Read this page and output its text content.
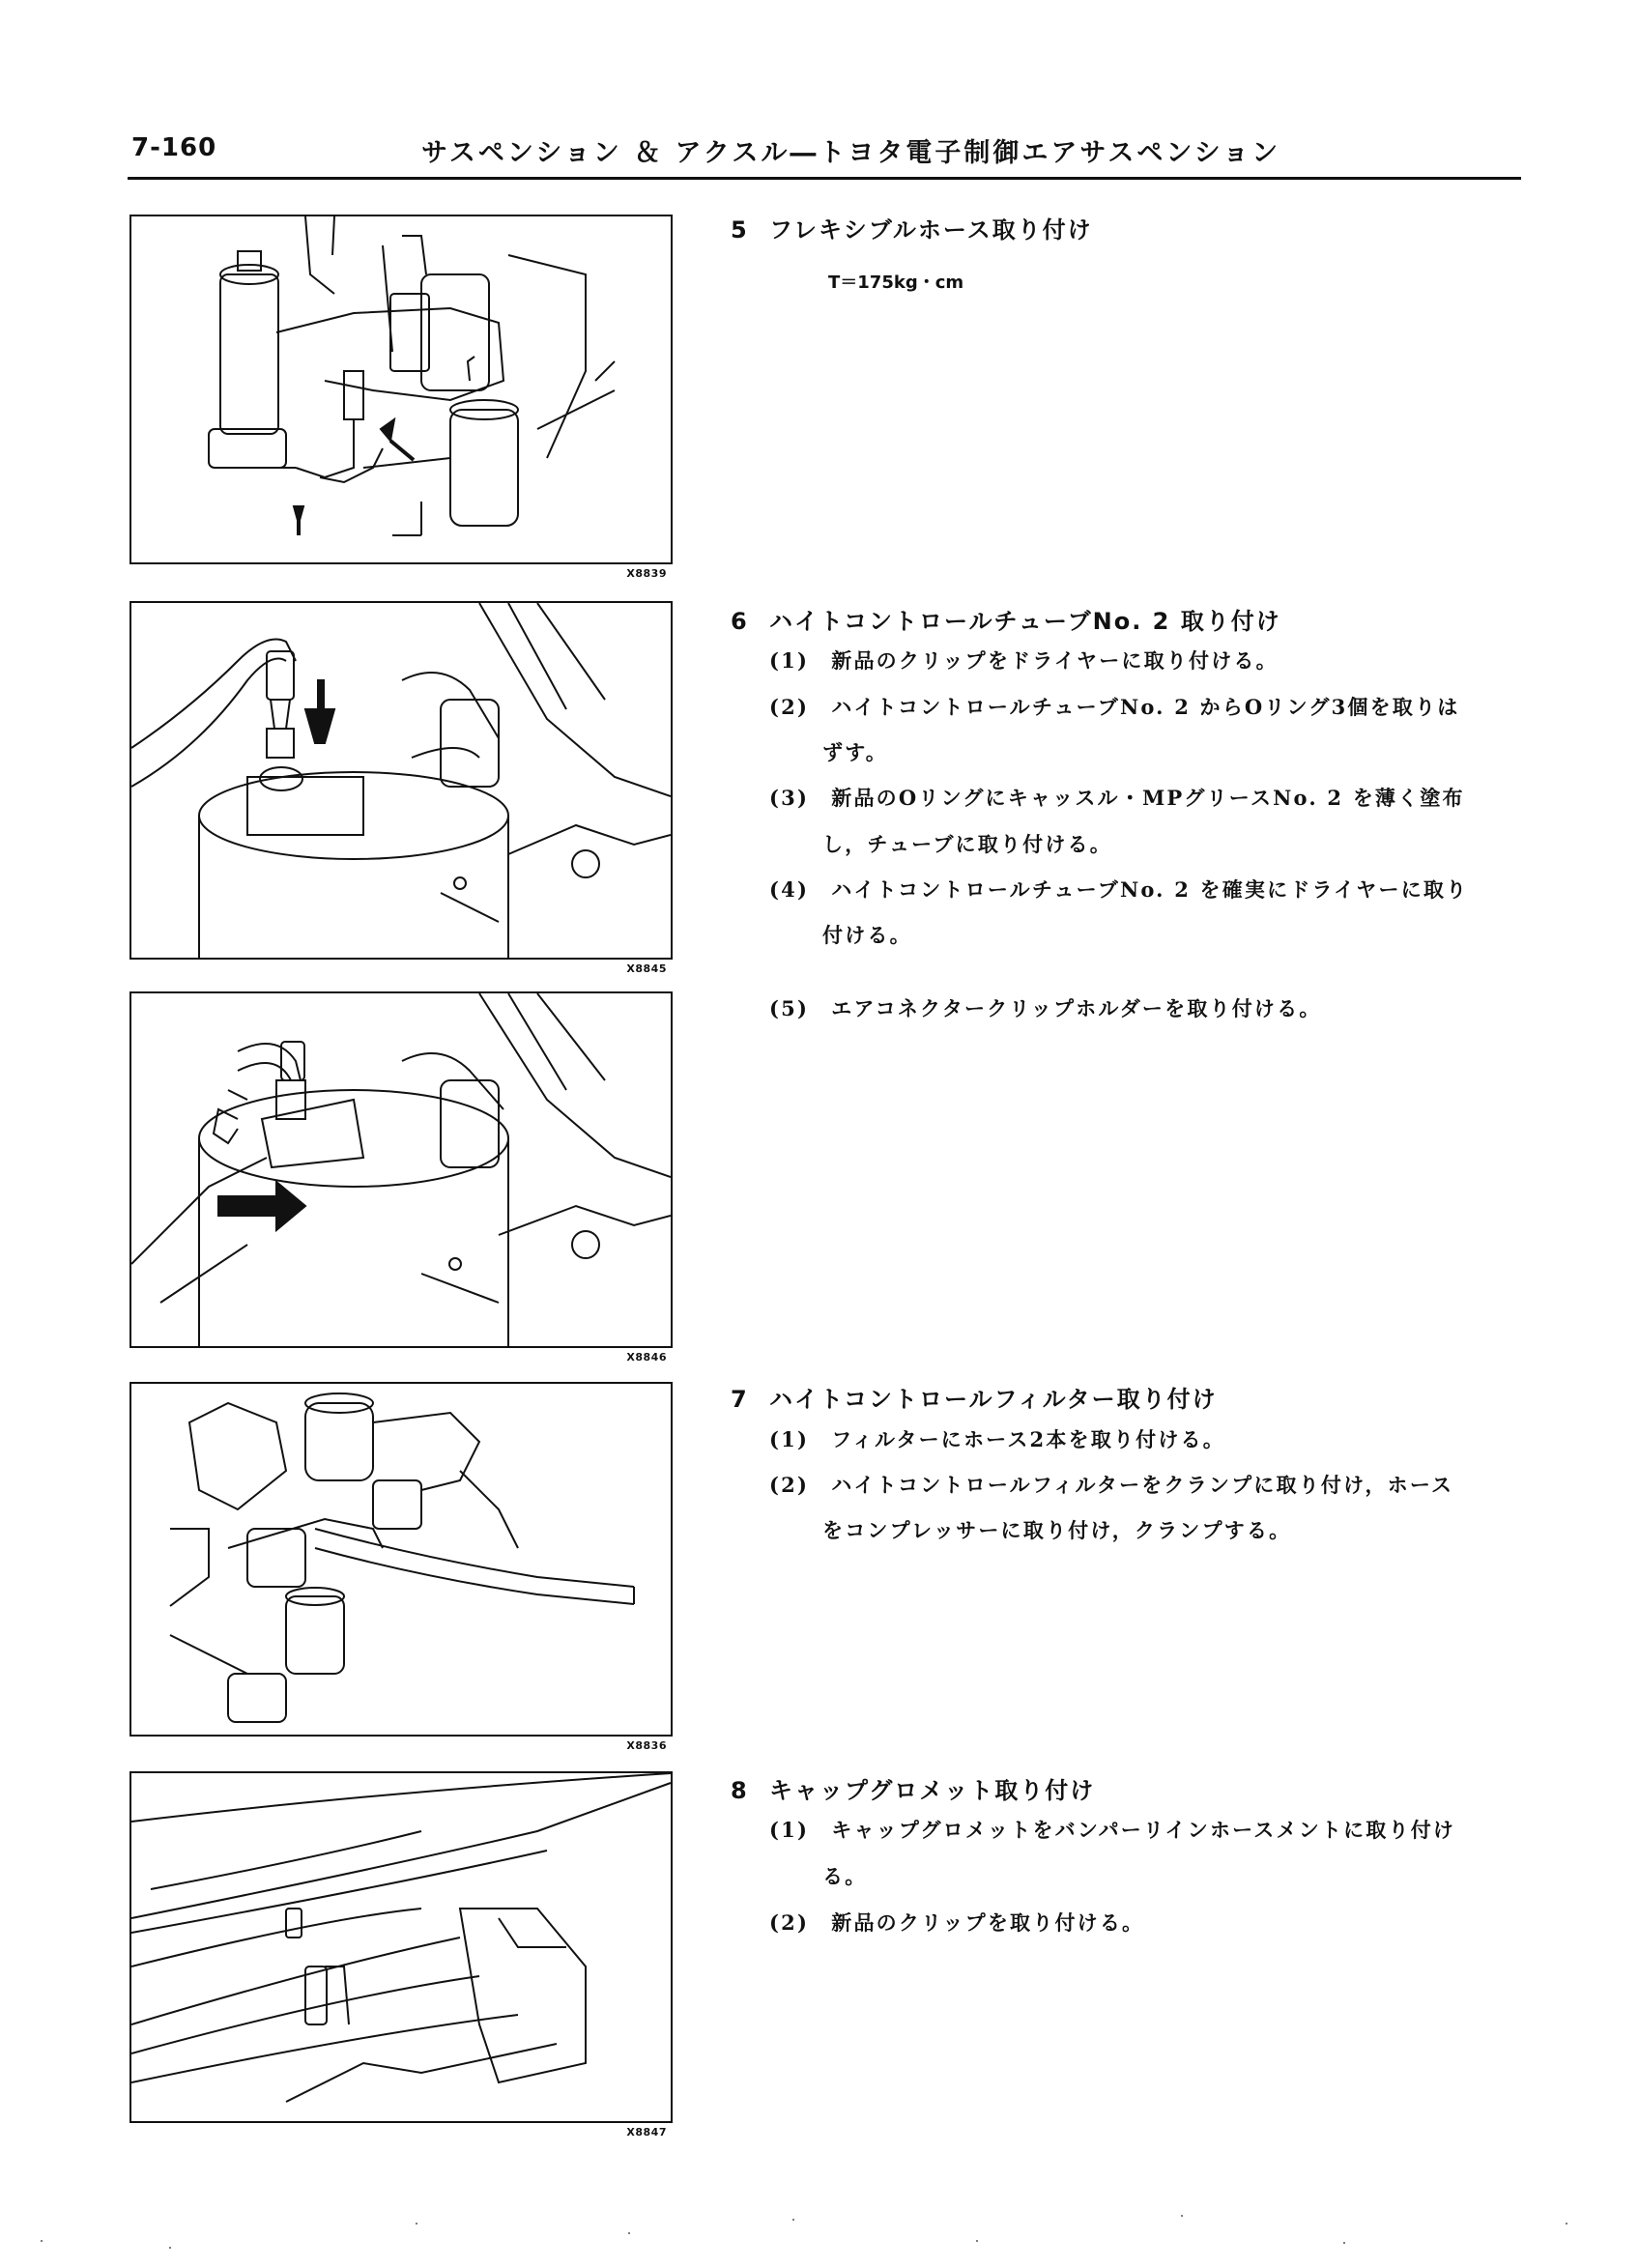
7-160	サスペンション ＆ アクスル―トヨタ電子制御エアサスペンション
X8839
X8845
X8846
X8836
X8847
5 フレキシブルホース取り付け
T＝175kg・cm
6 ハイトコントロールチューブNo. 2 取り付け
(1)　新品のクリップをドライヤーに取り付ける。
(2)　ハイトコントロールチューブNo. 2 からOリング3個を取りは
ずす。
(3)　新品のOリングにキャッスル・MPグリースNo. 2 を薄く塗布
し，チューブに取り付ける。
(4)　ハイトコントロールチューブNo. 2 を確実にドライヤーに取り
付ける。
(5)　エアコネクタークリップホルダーを取り付ける。
7 ハイトコントロールフィルター取り付け
(1)　フィルターにホース2本を取り付ける。
(2)　ハイトコントロールフィルターをクランプに取り付け，ホース
をコンプレッサーに取り付け，クランプする。
8 キャップグロメット取り付け
(1)　キャップグロメットをバンパーリインホースメントに取り付け
る。
(2)　新品のクリップを取り付ける。
